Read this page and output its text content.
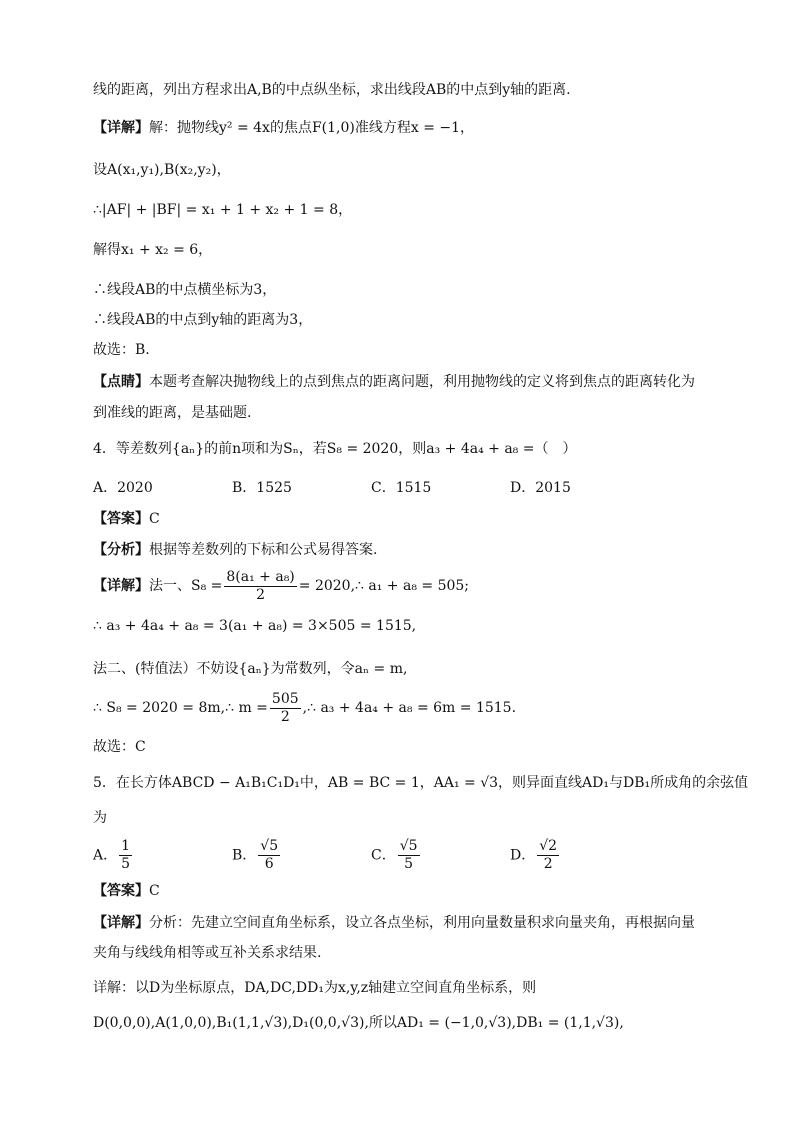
线的距离，列出方程求出A,B的中点纵坐标，求出线段AB的中点到y轴的距离.
【详解】解：抛物线y² = 4x的焦点F(1,0)准线方程x = −1，
设A(x₁,y₁),B(x₂,y₂)，
∴|AF| + |BF| = x₁ + 1 + x₂ + 1 = 8，
解得x₁ + x₂ = 6，
∴线段AB的中点横坐标为3，
∴线段AB的中点到y轴的距离为3，
故选：B.
【点睛】本题考查解决抛物线上的点到焦点的距离问题，利用抛物线的定义将到焦点的距离转化为
到准线的距离，是基础题.
4．等差数列{aₙ}的前n项和为Sₙ，若S₈ = 2020，则a₃ + 4a₄ + a₈ =（　）
A．2020	B．1525	C．1515	D．2015
【答案】C
【分析】根据等差数列的下标和公式易得答案.
【详解】法一、$S_8 = \frac{\text{8(a₁ + a₈)}}{2}$ = 2020,∴ a₁ + a₈ = 505;
∴ a₃ + 4a₄ + a₈ = 3(a₁ + a₈) = 3×505 = 1515,
法二、(特值法）不妨设{aₙ}为常数列，令aₙ = m,
∴ S₈ = 2020 = 8m,∴ $m = \frac{505}{2}$ ,∴ a₃ + 4a₄ + a₈ = 6m = 1515.
故选：C
5．在长方体ABCD − A₁B₁C₁D₁中，AB = BC = 1，AA₁ = √3，则异面直线AD₁与DB₁所成角的余弦值
为
A． $\frac{1}{5}$	B． $\frac{√5}{6}$	C． $\frac{√5}{5}$	D． $\frac{√2}{2}$
【答案】C
【详解】分析：先建立空间直角坐标系，设立各点坐标，利用向量数量积求向量夹角，再根据向量
夹角与线线角相等或互补关系求结果.
详解：以D为坐标原点，DA,DC,DD₁为x,y,z轴建立空间直角坐标系，则
D(0,0,0),A(1,0,0),B₁(1,1,√3),D₁(0,0,√3),所以AD₁ = (−1,0,√3),DB₁ = (1,1,√3),
